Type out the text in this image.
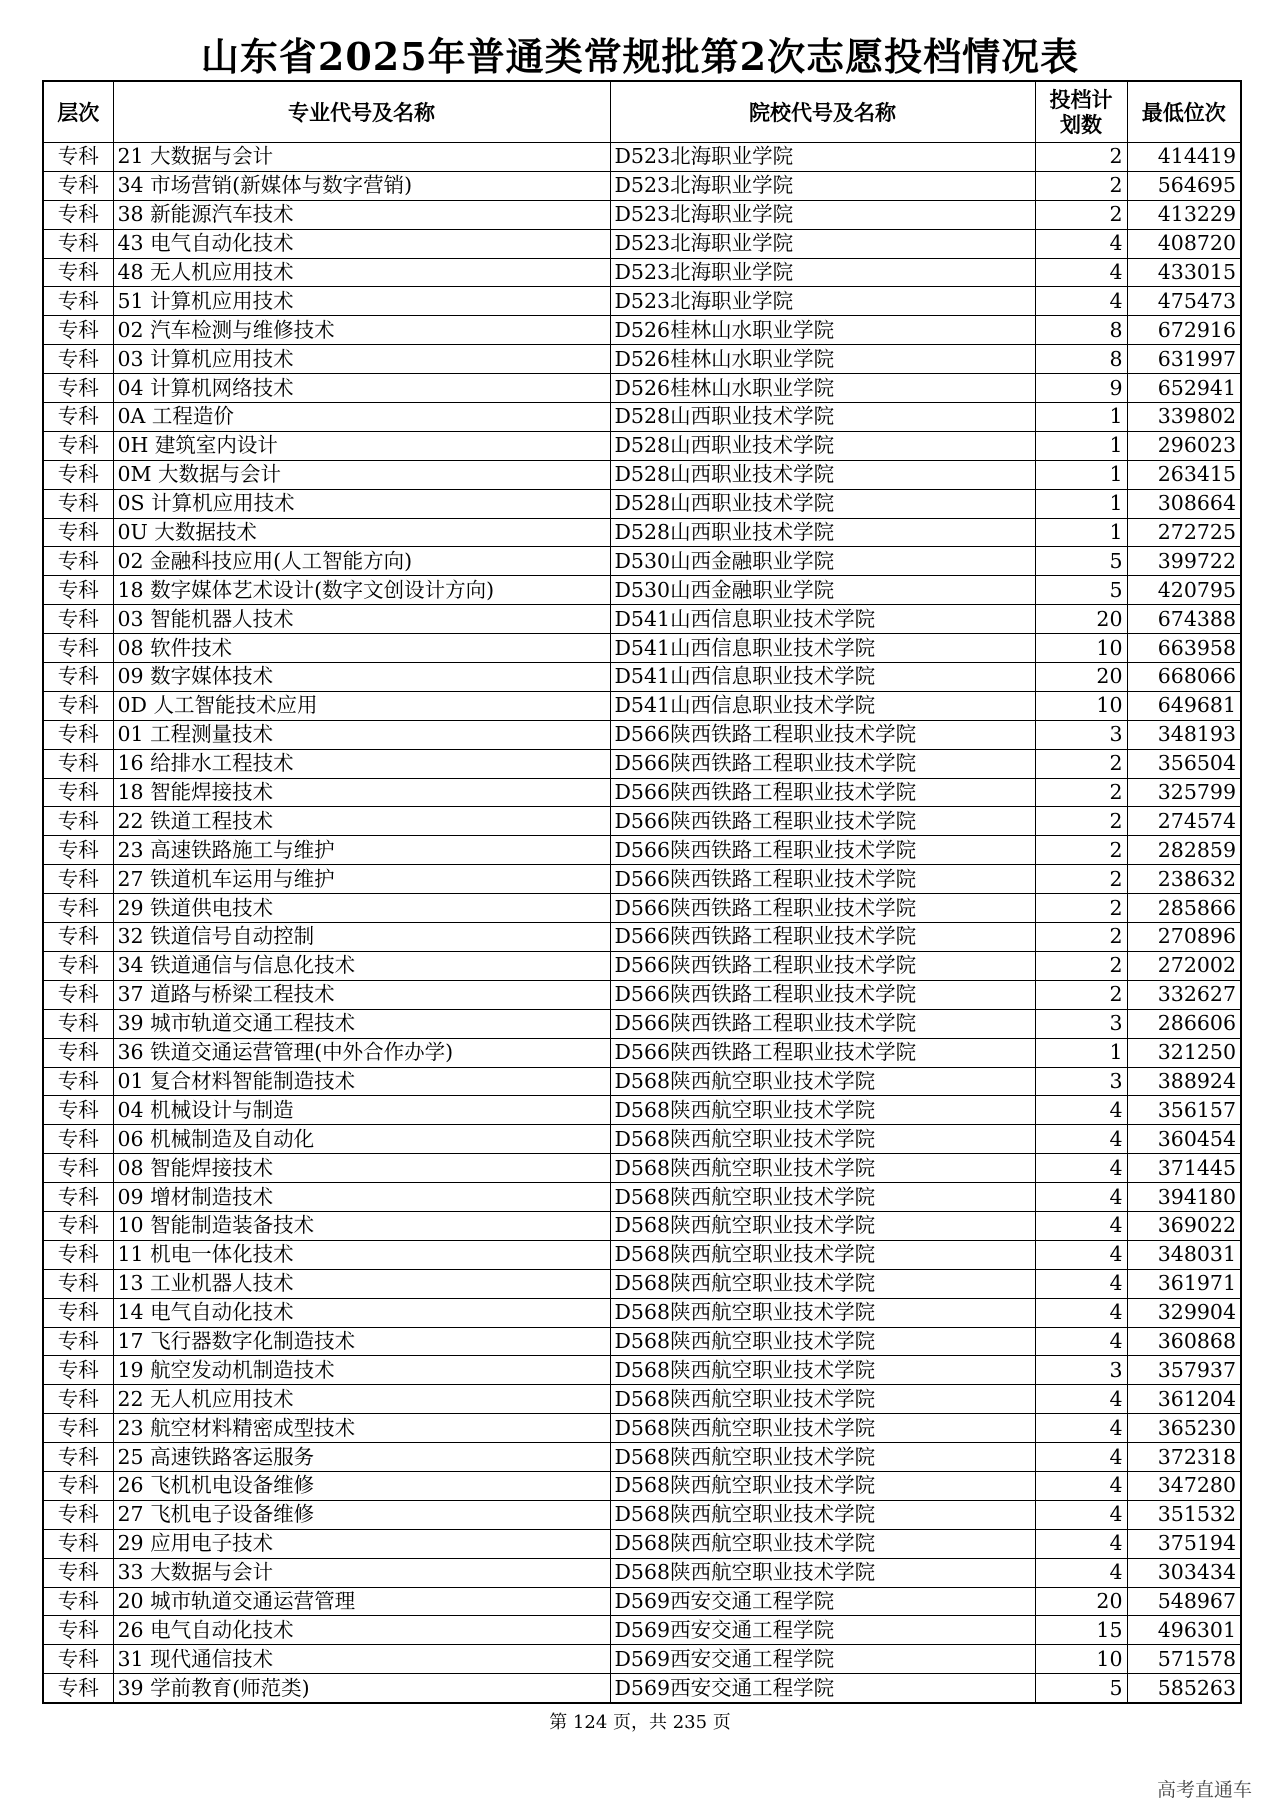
山东省2025年普通类常规批第2次志愿投档情况表
层次	专业代号及名称	院校代号及名称	投档计划数	最低位次
专科	21 大数据与会计	D523北海职业学院	2	414419
专科	34 市场营销(新媒体与数字营销)	D523北海职业学院	2	564695
专科	38 新能源汽车技术	D523北海职业学院	2	413229
专科	43 电气自动化技术	D523北海职业学院	4	408720
专科	48 无人机应用技术	D523北海职业学院	4	433015
专科	51 计算机应用技术	D523北海职业学院	4	475473
专科	02 汽车检测与维修技术	D526桂林山水职业学院	8	672916
专科	03 计算机应用技术	D526桂林山水职业学院	8	631997
专科	04 计算机网络技术	D526桂林山水职业学院	9	652941
专科	0A 工程造价	D528山西职业技术学院	1	339802
专科	0H 建筑室内设计	D528山西职业技术学院	1	296023
专科	0M 大数据与会计	D528山西职业技术学院	1	263415
专科	0S 计算机应用技术	D528山西职业技术学院	1	308664
专科	0U 大数据技术	D528山西职业技术学院	1	272725
专科	02 金融科技应用(人工智能方向)	D530山西金融职业学院	5	399722
专科	18 数字媒体艺术设计(数字文创设计方向)	D530山西金融职业学院	5	420795
专科	03 智能机器人技术	D541山西信息职业技术学院	20	674388
专科	08 软件技术	D541山西信息职业技术学院	10	663958
专科	09 数字媒体技术	D541山西信息职业技术学院	20	668066
专科	0D 人工智能技术应用	D541山西信息职业技术学院	10	649681
专科	01 工程测量技术	D566陕西铁路工程职业技术学院	3	348193
专科	16 给排水工程技术	D566陕西铁路工程职业技术学院	2	356504
专科	18 智能焊接技术	D566陕西铁路工程职业技术学院	2	325799
专科	22 铁道工程技术	D566陕西铁路工程职业技术学院	2	274574
专科	23 高速铁路施工与维护	D566陕西铁路工程职业技术学院	2	282859
专科	27 铁道机车运用与维护	D566陕西铁路工程职业技术学院	2	238632
专科	29 铁道供电技术	D566陕西铁路工程职业技术学院	2	285866
专科	32 铁道信号自动控制	D566陕西铁路工程职业技术学院	2	270896
专科	34 铁道通信与信息化技术	D566陕西铁路工程职业技术学院	2	272002
专科	37 道路与桥梁工程技术	D566陕西铁路工程职业技术学院	2	332627
专科	39 城市轨道交通工程技术	D566陕西铁路工程职业技术学院	3	286606
专科	36 铁道交通运营管理(中外合作办学)	D566陕西铁路工程职业技术学院	1	321250
专科	01 复合材料智能制造技术	D568陕西航空职业技术学院	3	388924
专科	04 机械设计与制造	D568陕西航空职业技术学院	4	356157
专科	06 机械制造及自动化	D568陕西航空职业技术学院	4	360454
专科	08 智能焊接技术	D568陕西航空职业技术学院	4	371445
专科	09 增材制造技术	D568陕西航空职业技术学院	4	394180
专科	10 智能制造装备技术	D568陕西航空职业技术学院	4	369022
专科	11 机电一体化技术	D568陕西航空职业技术学院	4	348031
专科	13 工业机器人技术	D568陕西航空职业技术学院	4	361971
专科	14 电气自动化技术	D568陕西航空职业技术学院	4	329904
专科	17 飞行器数字化制造技术	D568陕西航空职业技术学院	4	360868
专科	19 航空发动机制造技术	D568陕西航空职业技术学院	3	357937
专科	22 无人机应用技术	D568陕西航空职业技术学院	4	361204
专科	23 航空材料精密成型技术	D568陕西航空职业技术学院	4	365230
专科	25 高速铁路客运服务	D568陕西航空职业技术学院	4	372318
专科	26 飞机机电设备维修	D568陕西航空职业技术学院	4	347280
专科	27 飞机电子设备维修	D568陕西航空职业技术学院	4	351532
专科	29 应用电子技术	D568陕西航空职业技术学院	4	375194
专科	33 大数据与会计	D568陕西航空职业技术学院	4	303434
专科	20 城市轨道交通运营管理	D569西安交通工程学院	20	548967
专科	26 电气自动化技术	D569西安交通工程学院	15	496301
专科	31 现代通信技术	D569西安交通工程学院	10	571578
专科	39 学前教育(师范类)	D569西安交通工程学院	5	585263
第 124 页，共 235 页
高考直通车
